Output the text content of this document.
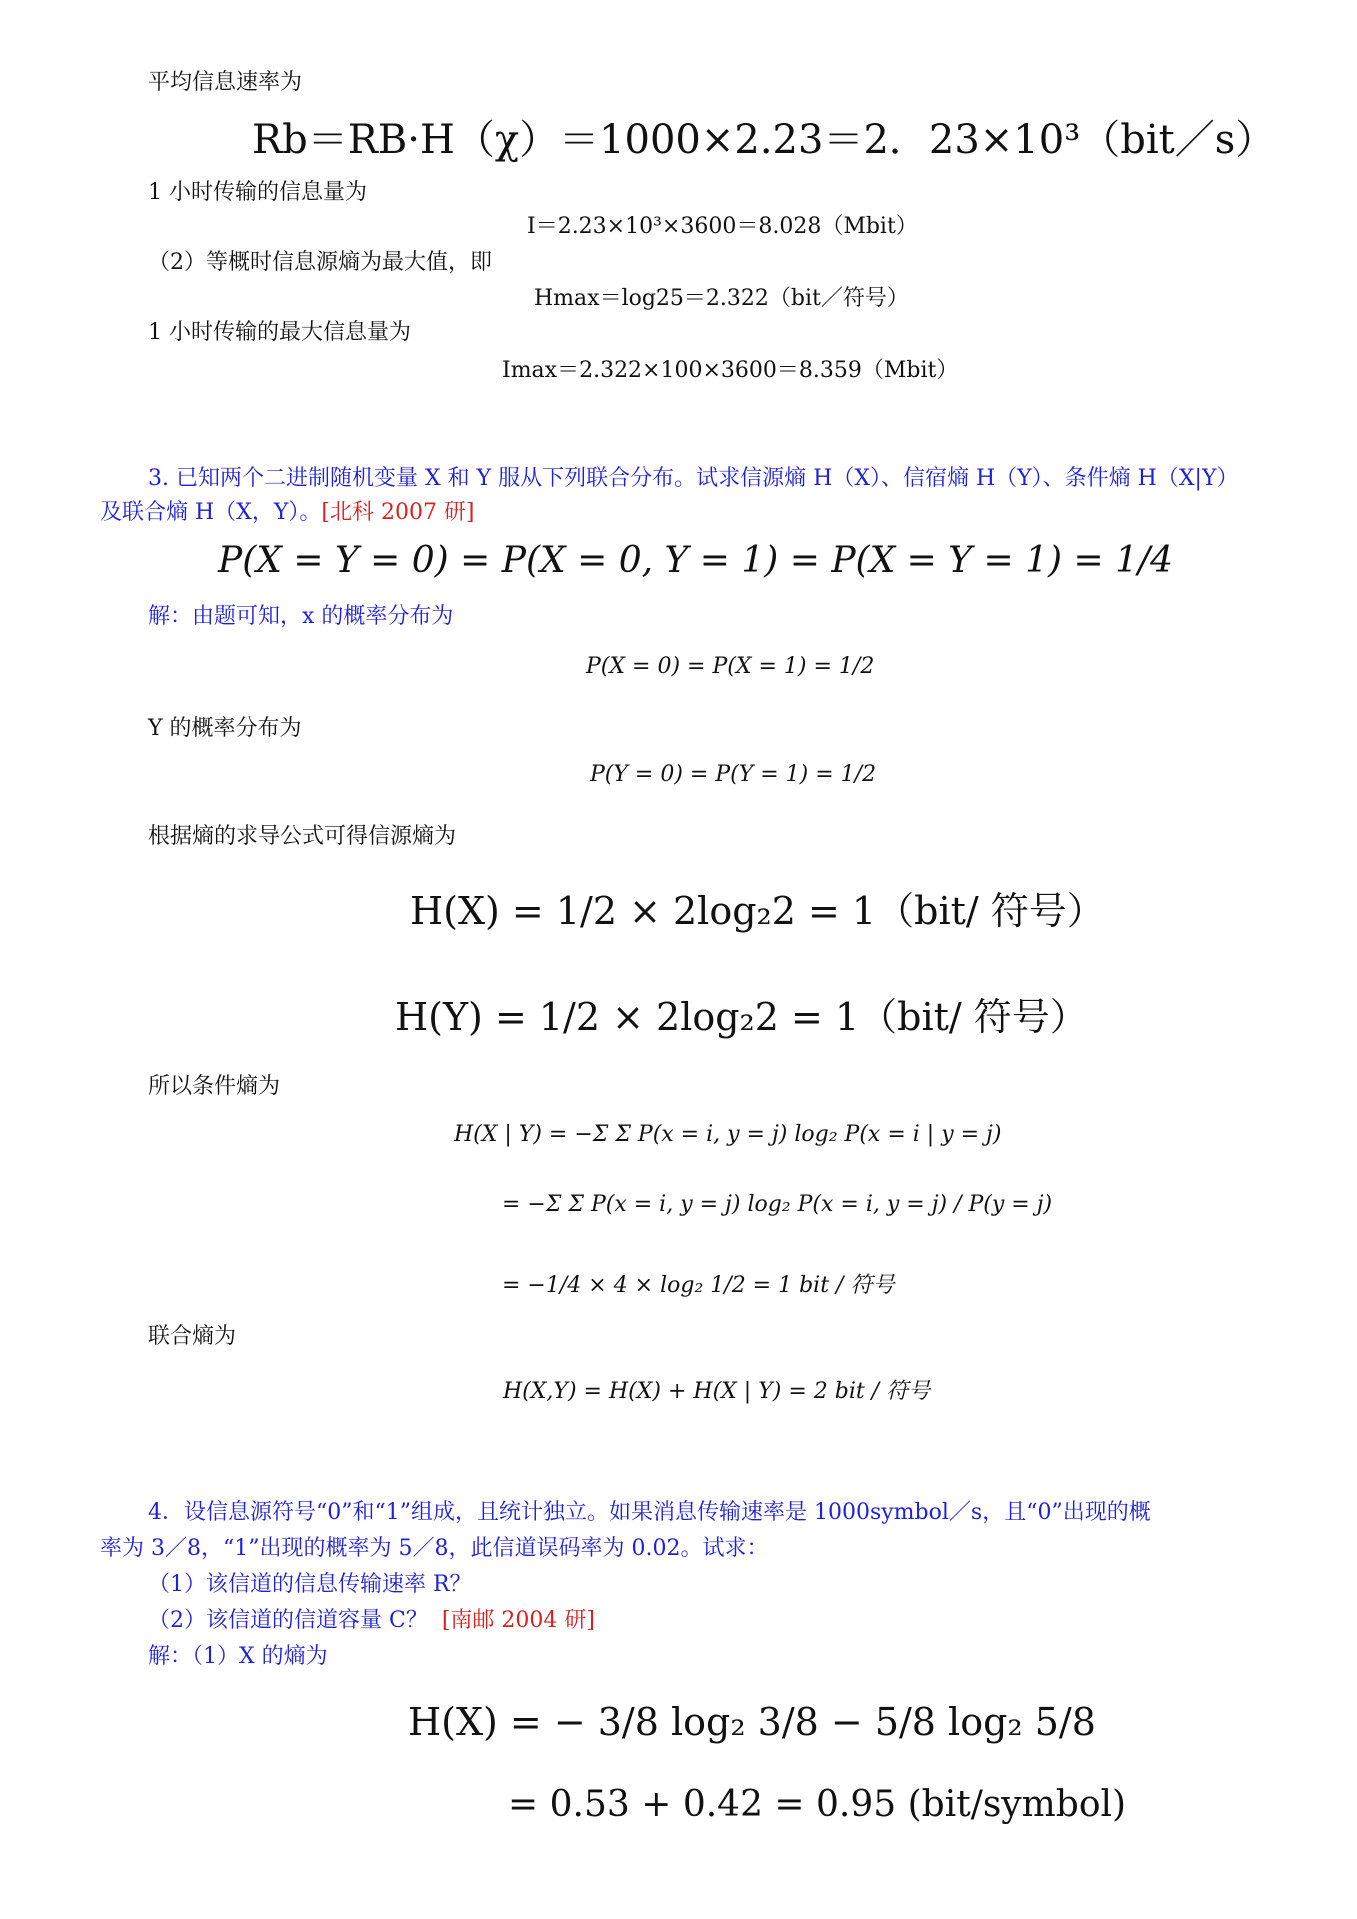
平均信息速率为
Rb＝RB·H（χ）＝1000×2.23＝2．23×10³（bit／s）
1 小时传输的信息量为
I＝2.23×10³×3600＝8.028（Mbit）
（2）等概时信息源熵为最大值，即
Hmax＝log25＝2.322（bit／符号）
1 小时传输的最大信息量为
Imax＝2.322×100×3600＝8.359（Mbit）
3. 已知两个二进制随机变量 X 和 Y 服从下列联合分布。试求信源熵 H（X）、信宿熵 H（Y）、条件熵 H（X|Y）
及联合熵 H（X，Y）。[北科 2007 研]
P(X = Y = 0) = P(X = 0, Y = 1) = P(X = Y = 1) = 1/4
解：由题可知，x 的概率分布为
P(X = 0) = P(X = 1) = 1/2
Y 的概率分布为
P(Y = 0) = P(Y = 1) = 1/2
根据熵的求导公式可得信源熵为
H(X) = 1/2 × 2log₂2 = 1（bit/ 符号）
H(Y) = 1/2 × 2log₂2 = 1（bit/ 符号）
所以条件熵为
H(X | Y) = −Σ Σ P(x = i, y = j) log₂ P(x = i | y = j)
= −Σ Σ P(x = i, y = j) log₂ P(x = i, y = j) / P(y = j)
= −1/4 × 4 × log₂ 1/2 = 1 bit / 符号
联合熵为
H(X,Y) = H(X) + H(X | Y) = 2 bit / 符号
4．设信息源符号“0”和“1”组成，且统计独立。如果消息传输速率是 1000symbol／s，且“0”出现的概
率为 3／8，“1”出现的概率为 5／8，此信道误码率为 0.02。试求：
（1）该信道的信息传输速率 R？
（2）该信道的信道容量 C？ [南邮 2004 研]
解：（1）X 的熵为
H(X) = − 3/8 log₂ 3/8 − 5/8 log₂ 5/8
= 0.53 + 0.42 = 0.95 (bit/symbol)
